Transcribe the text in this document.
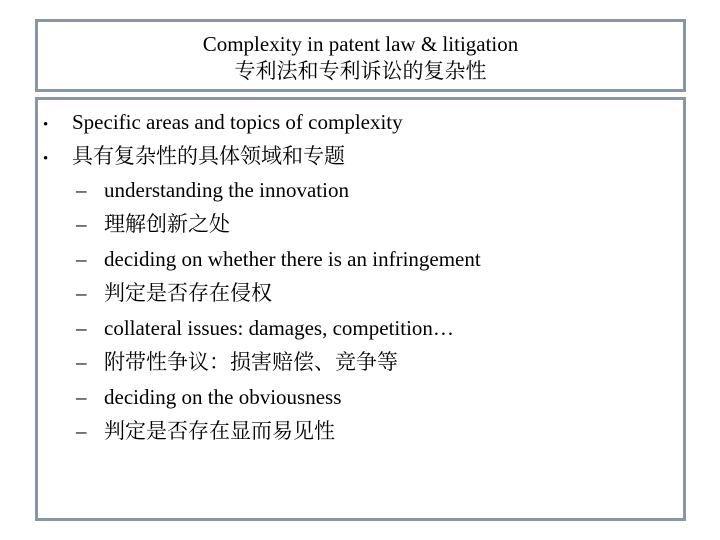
Complexity in patent law & litigation
专利法和专利诉讼的复杂性
• Specific areas and topics of complexity
• 具有复杂性的具体领域和专题
– understanding the innovation
– 理解创新之处
– deciding on whether there is an infringement
– 判定是否存在侵权
– collateral issues: damages, competition…
– 附带性争议：损害赔偿、竞争等
– deciding on the obviousness
– 判定是否存在显而易见性
